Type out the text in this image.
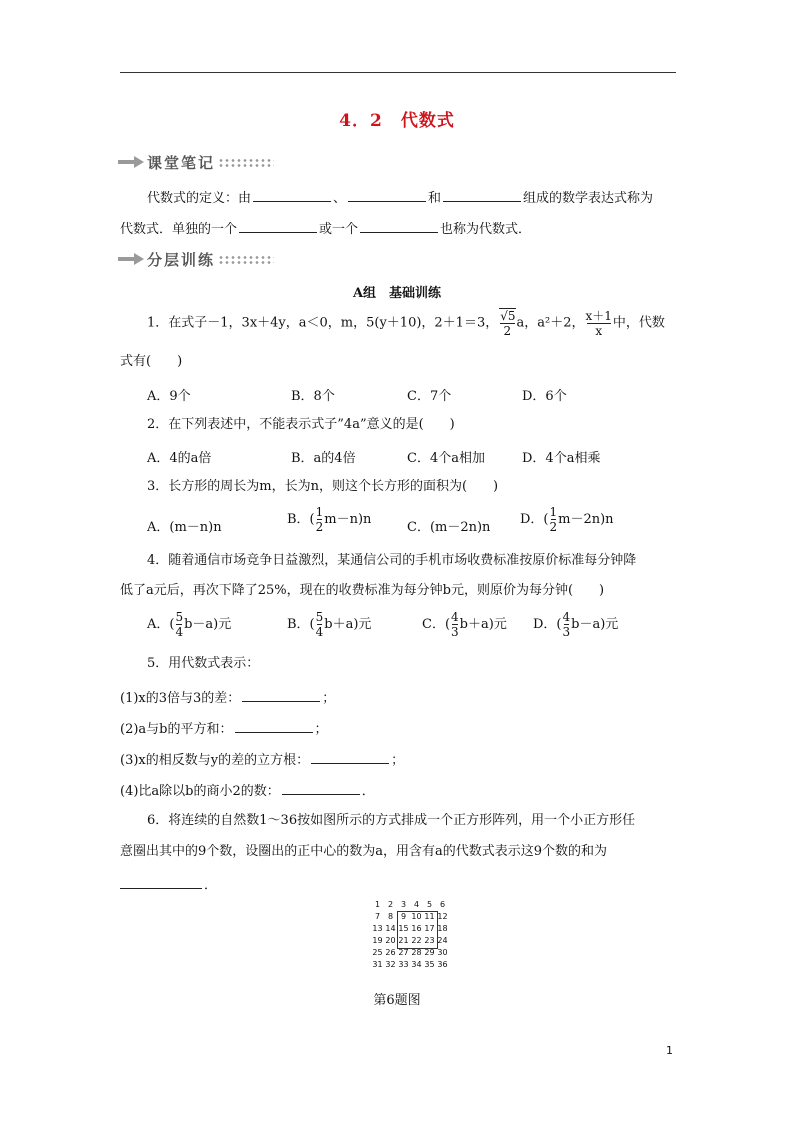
4．2　代数式
课堂笔记
代数式的定义：由	、	和	组成的数学表达式称为
代数式．单独的一个	或一个	也称为代数式．
分层训练
A组　基础训练
1．在式子－1，3x＋4y，a＜0，m，5(y＋10)，2＋1＝3， $\frac{√5}{2}$ a，a²＋2， $\frac{x+1}{x}$ 中，代数
式有(　　)
A．9个	B．8个	C．7个	D．6个
2．在下列表述中，不能表示式子”4a”意义的是(　　)
A．4的a倍	B．a的4倍	C．4个a相加	D．4个a相乘
3．长方形的周长为m，长为n，则这个长方形的面积为(　　)
A．(m－n)n
B．( $\frac{1}{2} m-n)n$
C．(m－2n)n
D．( $\frac{1}{2} m-2n)n$
4．随着通信市场竞争日益激烈，某通信公司的手机市场收费标准按原价标准每分钟降
低了a元后，再次下降了25%，现在的收费标准为每分钟b元，则原价为每分钟(　　)
A．( $\frac{5}{4} b-a$)元	B．( $\frac{5}{4} b+a$)元	C．( $\frac{4}{3} b+a$)元 D．( $\frac{4}{3} b-a$)元
5．用代数式表示：
(1)x的3倍与3的差：	；
(2)a与b的平方和：	；
(3)x的相反数与y的差的立方根：	；
(4)比a除以b的商小2的数：	．
6．将连续的自然数1～36按如图所示的方式排成一个正方形阵列，用一个小正方形任
意圈出其中的9个数，设圈出的正中心的数为a，用含有a的代数式表示这9个数的和为
．
1 2 3 4 5 6
7 8 9 10 11 12
13 14 15 16 17 18
19 20 21 22 23 24
25 26 27 28 29 30
31 32 33 34 35 36
第6题图
1
